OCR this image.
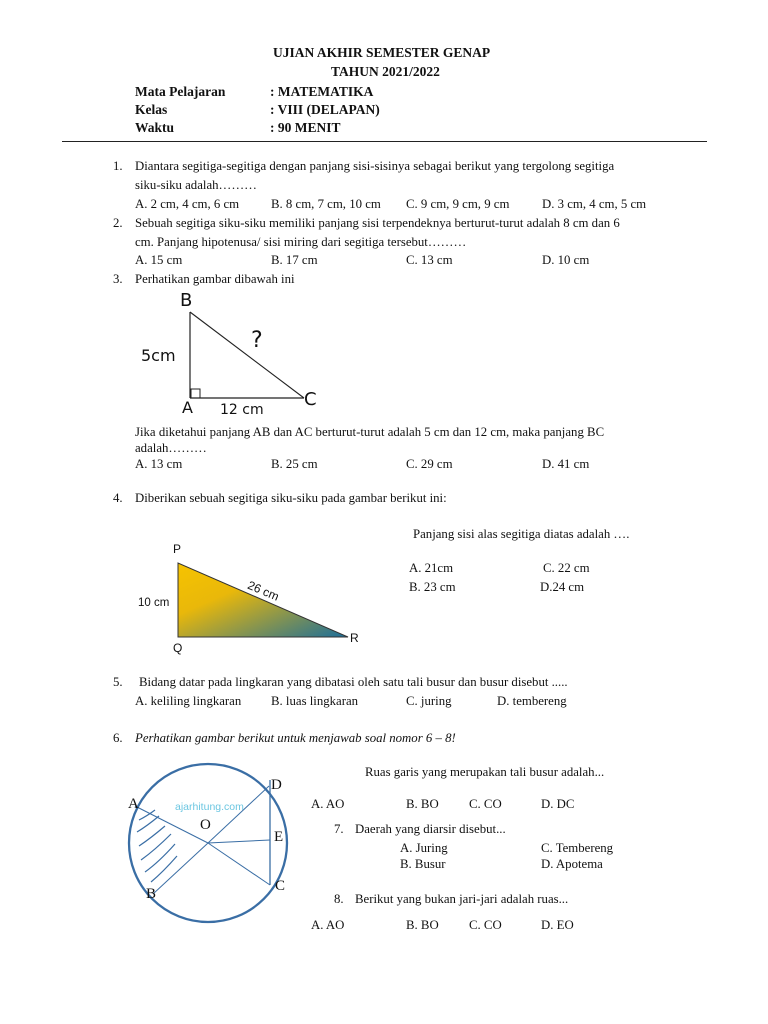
UJIAN AKHIR SEMESTER GENAP
TAHUN 2021/2022
Mata Pelajaran	: MATEMATIKA
Kelas	: VIII (DELAPAN)
Waktu	: 90 MENIT
1. Diantara segitiga-segitiga dengan panjang sisi-sisinya sebagai berikut yang tergolong segitiga
siku-siku adalah………
A. 2 cm, 4 cm, 6 cm B. 8 cm, 7 cm, 10 cm C. 9 cm, 9 cm, 9 cm	D. 3 cm, 4 cm, 5 cm
2. Sebuah segitiga siku-siku memiliki panjang sisi terpendeknya berturut-turut adalah 8 cm dan 6
cm. Panjang hipotenusa/ sisi miring dari segitiga tersebut………
A. 15 cm	B. 17 cm	C. 13 cm	D. 10 cm
3. Perhatikan gambar dibawah ini
B
5cm
?
A 12 cm C
Jika diketahui panjang AB dan AC berturut-turut adalah 5 cm dan 12 cm, maka panjang BC
adalah………
A. 13 cm	B. 25 cm	C. 29 cm	D. 41 cm
4. Diberikan sebuah segitiga siku-siku pada gambar berikut ini:
P
10 cm	26 cm
Q
R
Panjang sisi alas segitiga diatas adalah ….
A. 21cm	C. 22 cm
B. 23 cm	D.24 cm
5. Bidang datar pada lingkaran yang dibatasi oleh satu tali busur dan busur disebut .....
A. keliling lingkaran B. luas lingkaran	C. juring	D. tembereng
6. Perhatikan gambar berikut untuk menjawab soal nomor 6 – 8!
ajarhitung.com
A
O
D
E
C
B
Ruas garis yang merupakan tali busur adalah...
A. AO	B. BO C. CO	D. DC
7. Daerah yang diarsir disebut...
A. Juring	C. Tembereng
B. Busur	D. Apotema
8. Berikut yang bukan jari-jari adalah ruas...
A. AO	B. BO C. CO	D. EO
